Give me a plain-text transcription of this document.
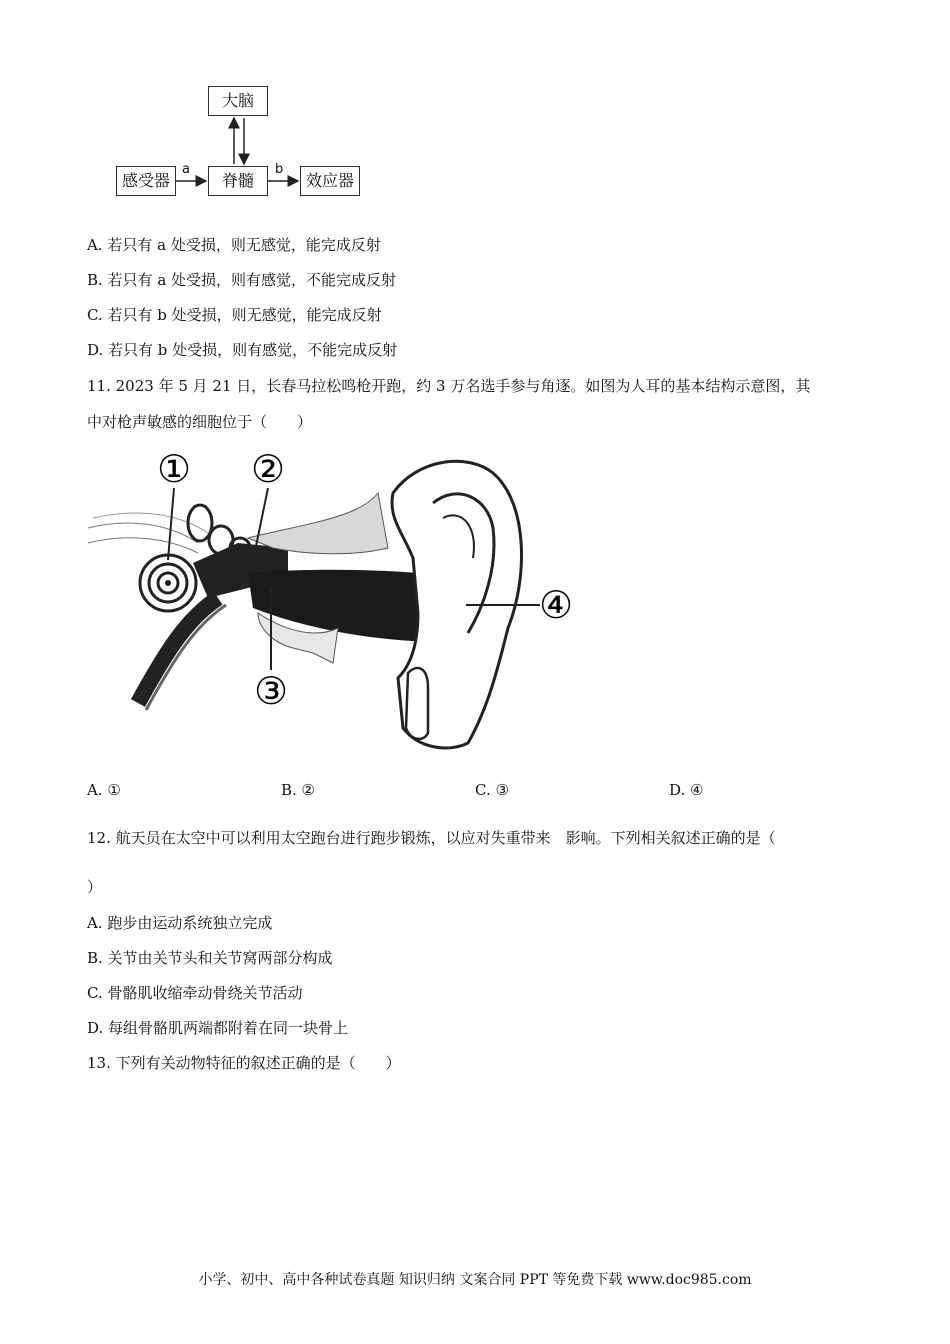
大脑
感受器	脊髓	效应器
a	b
A. 若只有 a 处受损，则无感觉，能完成反射
B. 若只有 a 处受损，则有感觉，不能完成反射
C. 若只有 b 处受损，则无感觉，能完成反射
D. 若只有 b 处受损，则有感觉，不能完成反射
11. 2023 年 5 月 21 日，长春马拉松鸣枪开跑，约 3 万名选手参与角逐。如图为人耳的基本结构示意图，其
中对枪声敏感的细胞位于（　　）
① ②
③
④
A. ①	B. ②	C. ③	D. ④
12. 航天员在太空中可以利用太空跑台进行跑步锻炼，以应对失重带来　影响。下列相关叙述正确的是（
）
A. 跑步由运动系统独立完成
B. 关节由关节头和关节窝两部分构成
C. 骨骼肌收缩牵动骨绕关节活动
D. 每组骨骼肌两端都附着在同一块骨上
13. 下列有关动物特征的叙述正确的是（　　）
小学、初中、高中各种试卷真题 知识归纳 文案合同 PPT 等免费下载 www.doc985.com
